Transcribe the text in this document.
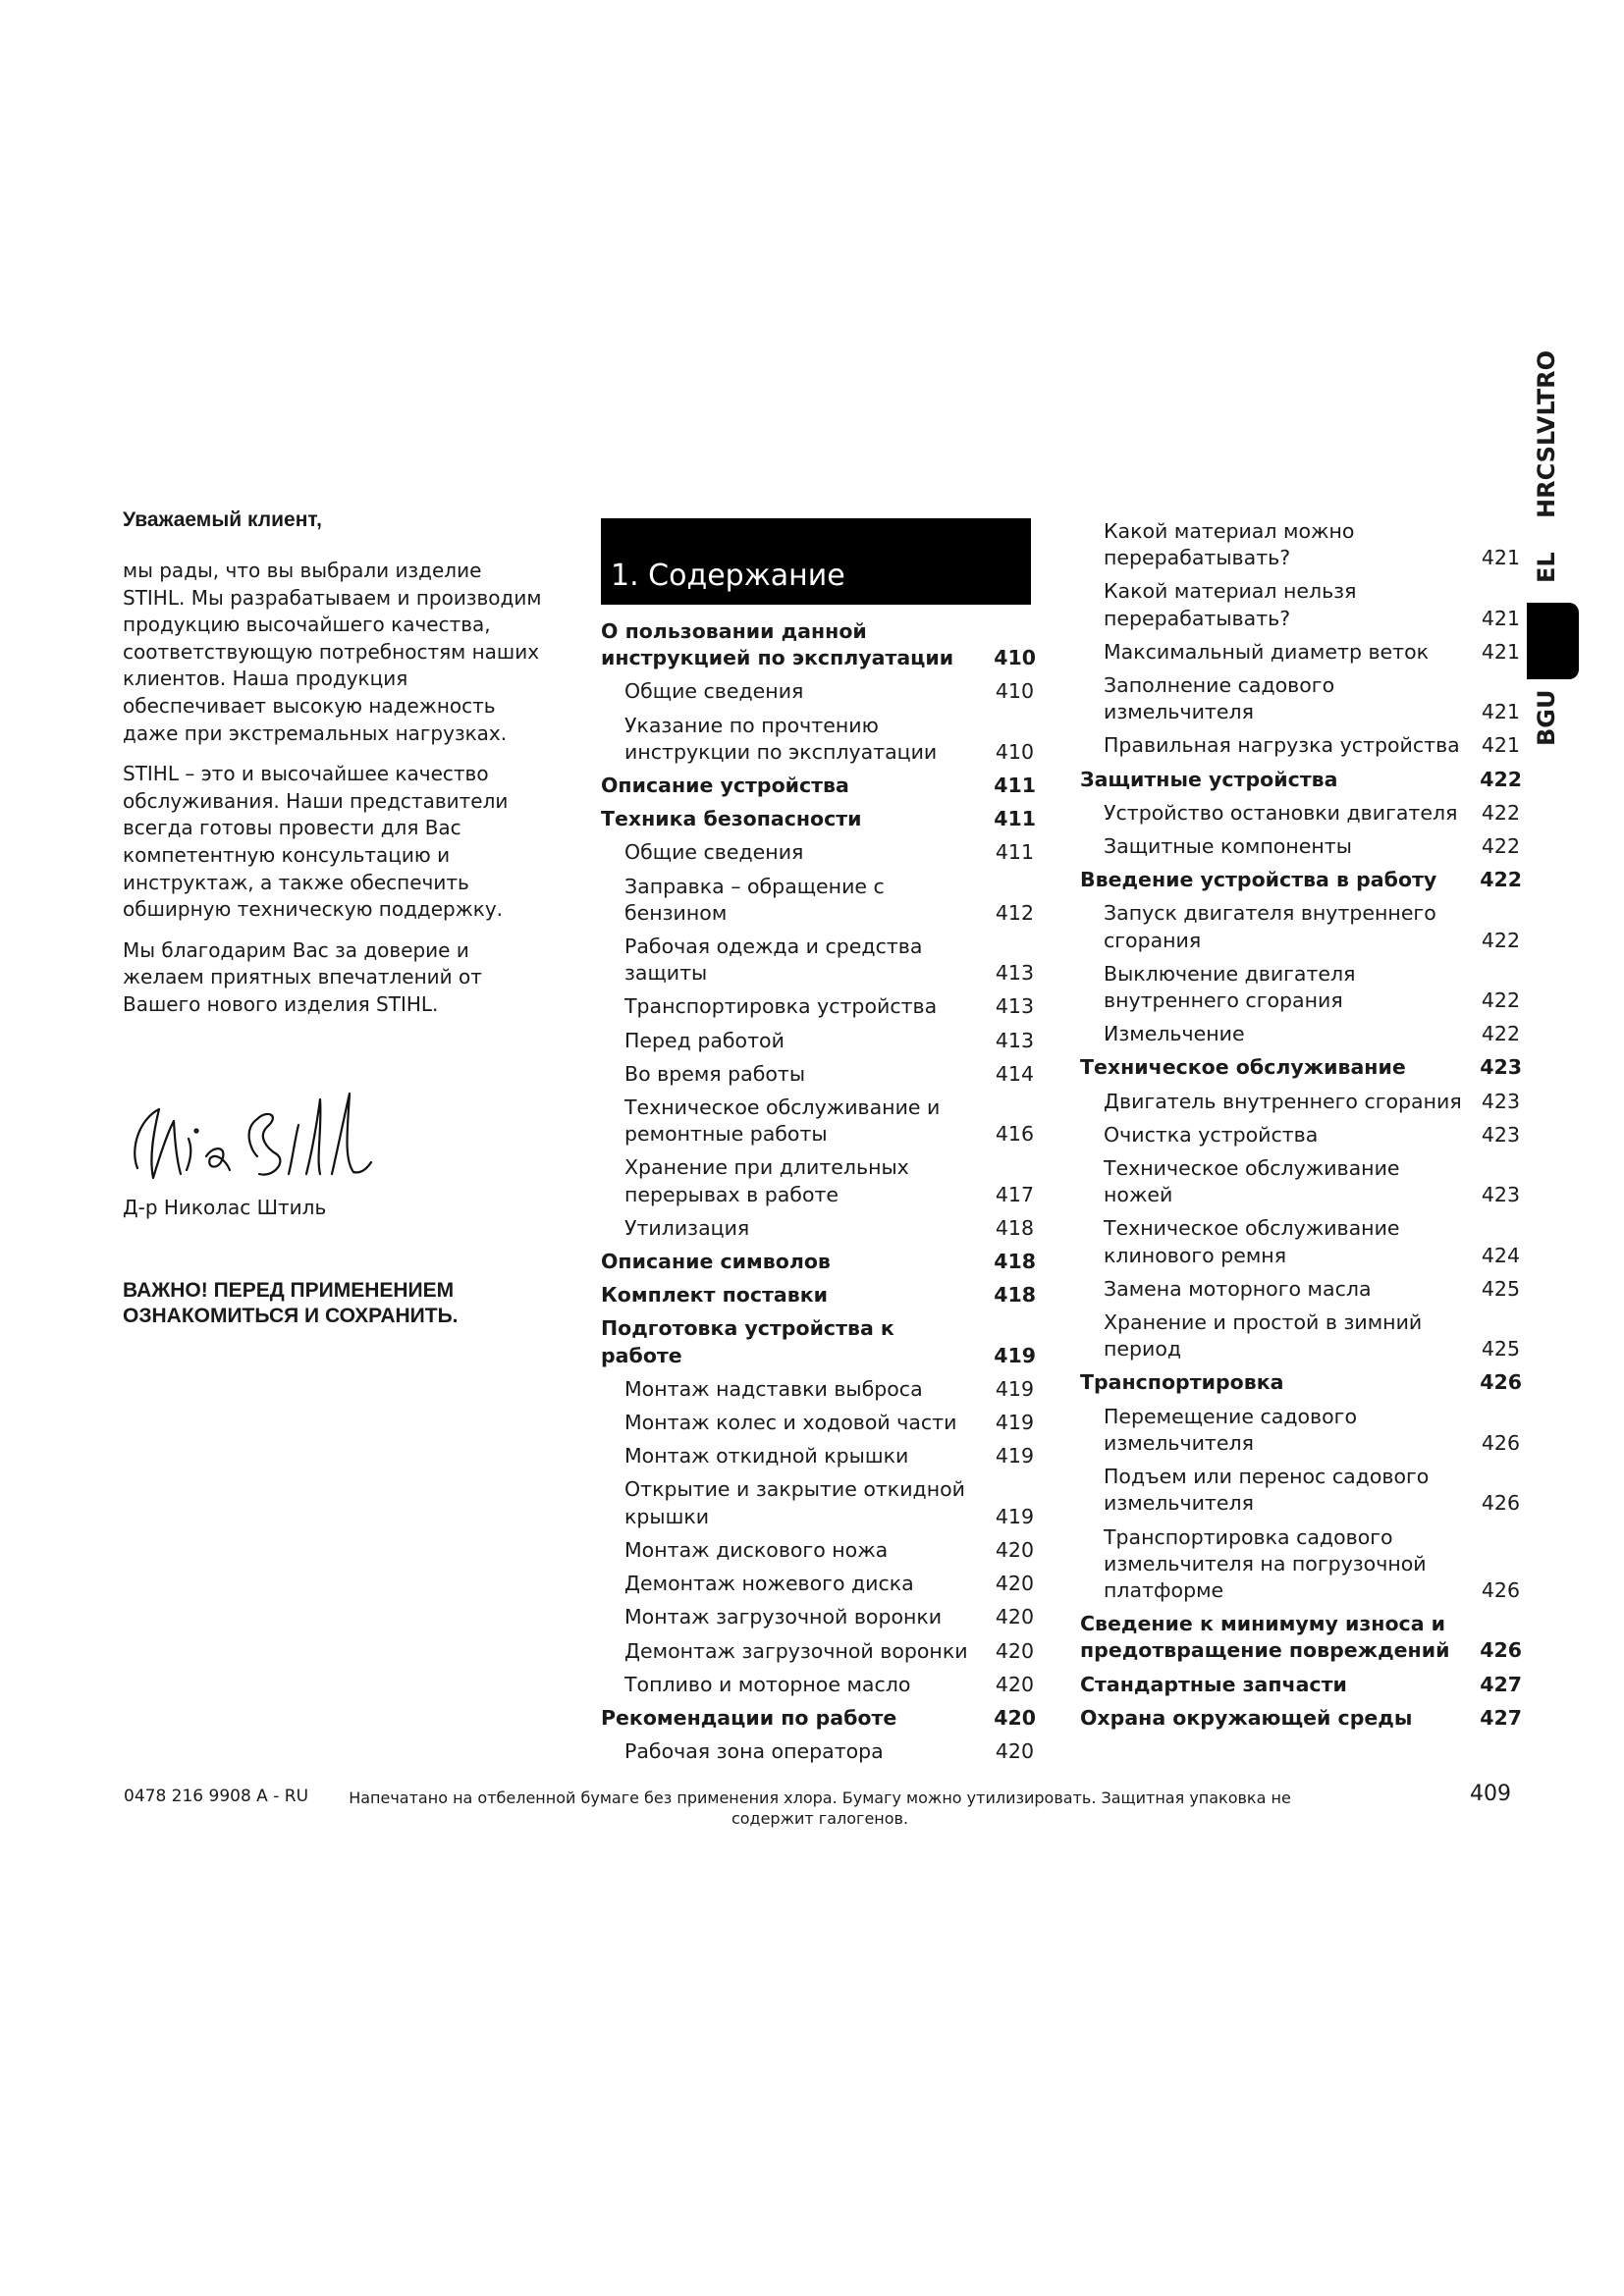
Уважаемый клиент,

мы рады, что вы выбрали изделие STIHL. Мы разрабатываем и производим продукцию высочайшего качества, соответствующую потребностям наших клиентов. Наша продукция обеспечивает высокую надежность даже при экстремальных нагрузках.

STIHL – это и высочайшее качество обслуживания. Наши представители всегда готовы провести для Вас компетентную консультацию и инструктаж, а также обеспечить обширную техническую поддержку.

Мы благодарим Вас за доверие и желаем приятных впечатлений от Вашего нового изделия STIHL.

Д-р Николас Штиль
ВАЖНО! ПЕРЕД ПРИМЕНЕНИЕМ ОЗНАКОМИТЬСЯ И СОХРАНИТЬ.
1. Содержание
О пользовании данной инструкцией по эксплуатации	410
Общие сведения	410
Указание по прочтению инструкции по эксплуатации	410
Описание устройства	411
Техника безопасности	411
Общие сведения	411
Заправка – обращение с бензином	412
Рабочая одежда и средства защиты	413
Транспортировка устройства	413
Перед работой	413
Во время работы	414
Техническое обслуживание и ремонтные работы	416
Хранение при длительных перерывах в работе	417
Утилизация	418
Описание символов	418
Комплект поставки	418
Подготовка устройства к работе	419
Монтаж надставки выброса	419
Монтаж колес и ходовой части	419
Монтаж откидной крышки	419
Открытие и закрытие откидной крышки	419
Монтаж дискового ножа	420
Демонтаж ножевого диска	420
Монтаж загрузочной воронки	420
Демонтаж загрузочной воронки	420
Топливо и моторное масло	420
Рекомендации по работе	420
Рабочая зона оператора	420
Какой материал можно перерабатывать?	421
Какой материал нельзя перерабатывать?	421
Максимальный диаметр веток	421
Заполнение садового измельчителя	421
Правильная нагрузка устройства	421
Защитные устройства	422
Устройство остановки двигателя	422
Защитные компоненты	422
Введение устройства в работу	422
Запуск двигателя внутреннего сгорания	422
Выключение двигателя внутреннего сгорания	422
Измельчение	422
Техническое обслуживание	423
Двигатель внутреннего сгорания 423
Очистка устройства	423
Техническое обслуживание ножей	423
Техническое обслуживание клинового ремня	424
Замена моторного масла	425
Хранение и простой в зимний период	425
Транспортировка	426
Перемещение садового измельчителя	426
Подъем или перенос садового измельчителя	426
Транспортировка садового измельчителя на погрузочной платформе	426
Сведение к минимуму износа и предотвращение повреждений	426
Стандартные запчасти	427
Охрана окружающей среды	427
BGU
EL
HRCSLVLTRO
0478 216 9908 A - RU	Напечатано на отбеленной бумаге без применения хлора. Бумагу можно утилизировать. Защитная упаковка не содержит галогенов.
409
